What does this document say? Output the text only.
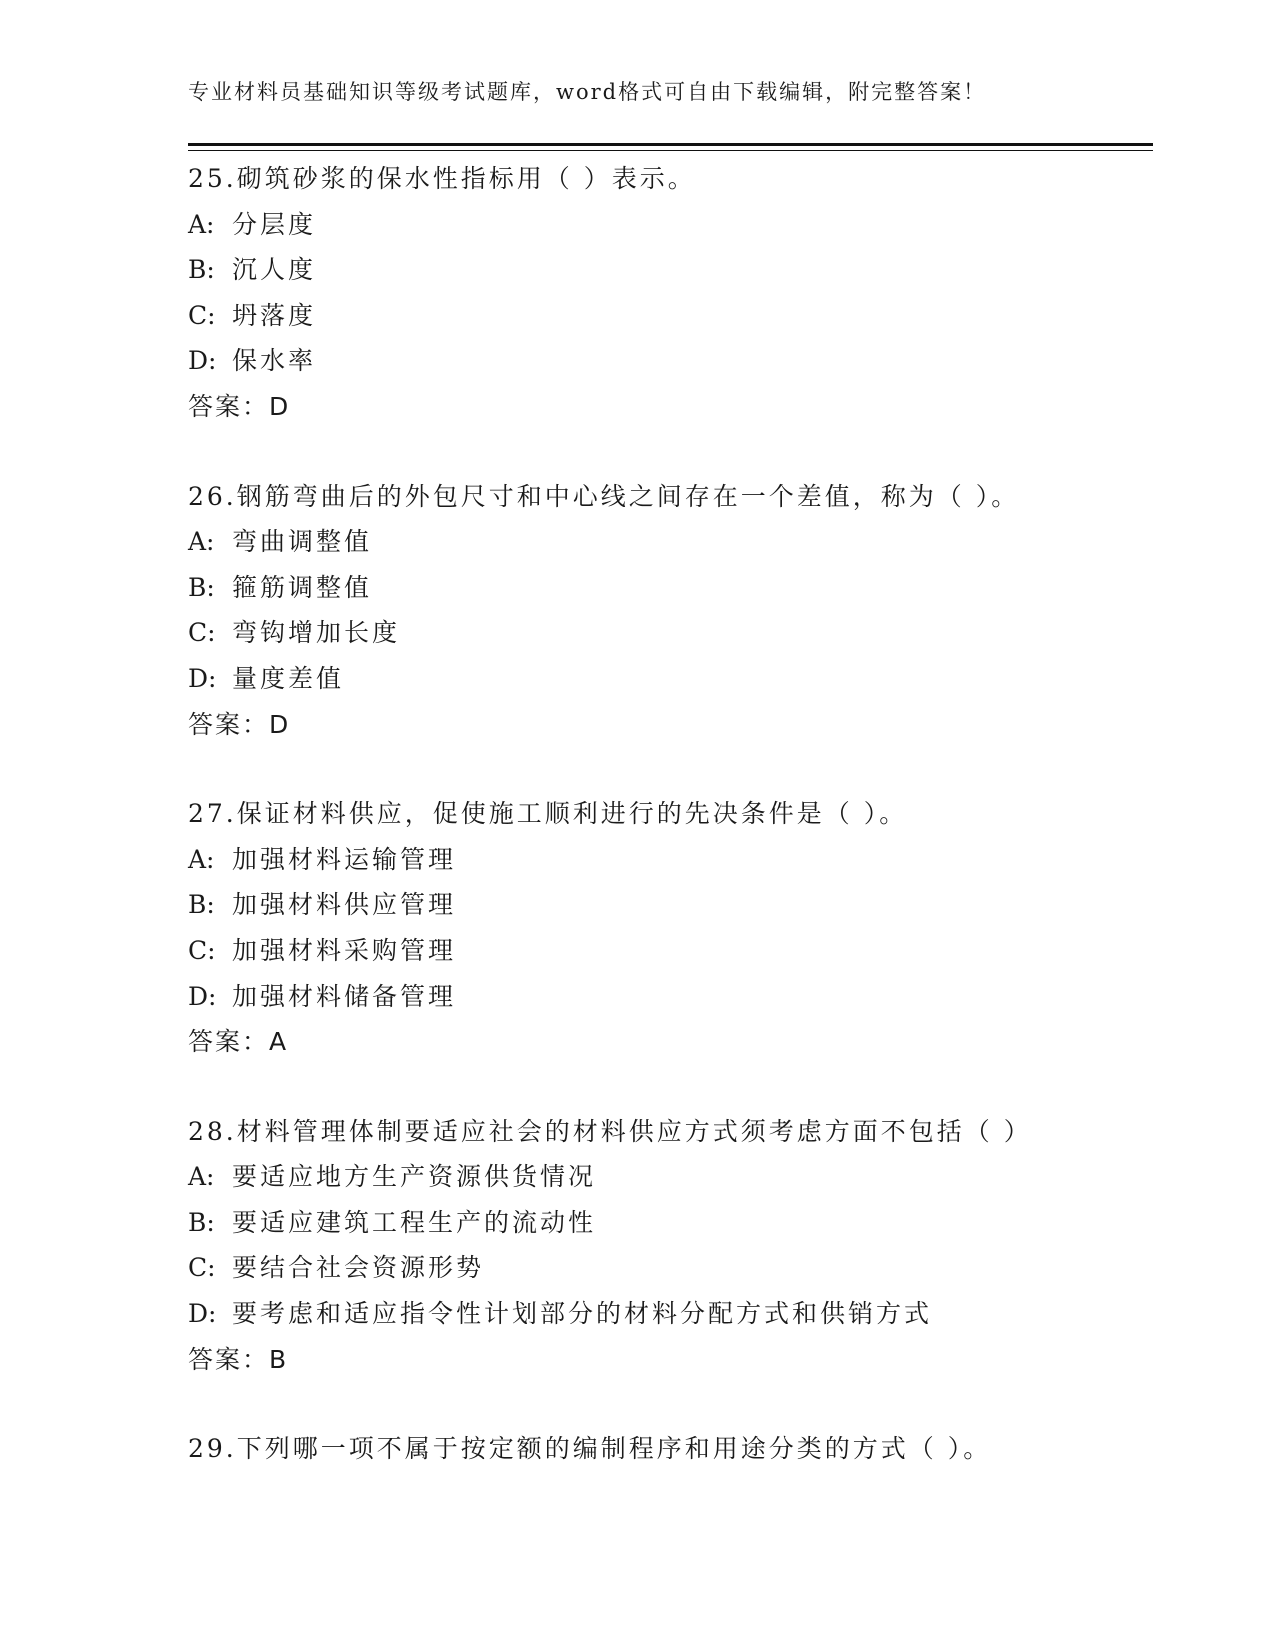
专业材料员基础知识等级考试题库，word格式可自由下载编辑，附完整答案！
25.砌筑砂浆的保水性指标用（ ）表示。
A: 分层度
B: 沉人度
C: 坍落度
D: 保水率
答案：D
26.钢筋弯曲后的外包尺寸和中心线之间存在一个差值，称为（ ）。
A: 弯曲调整值
B: 箍筋调整值
C: 弯钩增加长度
D: 量度差值
答案：D
27.保证材料供应，促使施工顺利进行的先决条件是（ ）。
A: 加强材料运输管理
B: 加强材料供应管理
C: 加强材料采购管理
D: 加强材料储备管理
答案：A
28.材料管理体制要适应社会的材料供应方式须考虑方面不包括（ ）
A: 要适应地方生产资源供货情况
B: 要适应建筑工程生产的流动性
C: 要结合社会资源形势
D: 要考虑和适应指令性计划部分的材料分配方式和供销方式
答案：B
29.下列哪一项不属于按定额的编制程序和用途分类的方式（ ）。
